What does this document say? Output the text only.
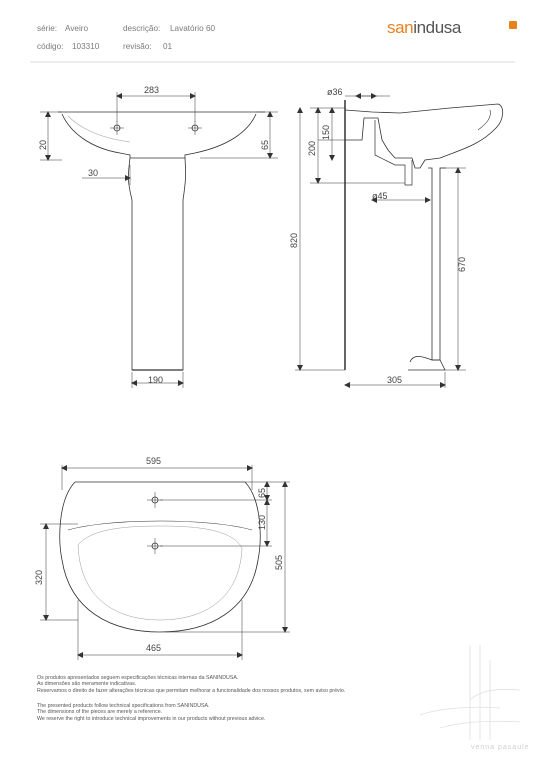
série: Aveiro	descrição: Lavatório 60
código: 103310	revisão: 01
sanindusa
283
20	65
30
190
ø36
150
200
820
ø45
670
305
595
65
130
320
505
465
Os produtos apresentados seguem especificações técnicas internas da SANINDUSA.
As dimensões são meramente indicativas.
Reservamos o direito de fazer alterações técnicas que permitam melhorar a funcionalidade dos nossos produtos, sem aviso prévio.
The presented products follow technical specifications from SANINDUSA.
The dimensions of the pieces are merely a reference.
We reserve the right to introduce technical improvements in our products without previous advice.
venna pasaule
